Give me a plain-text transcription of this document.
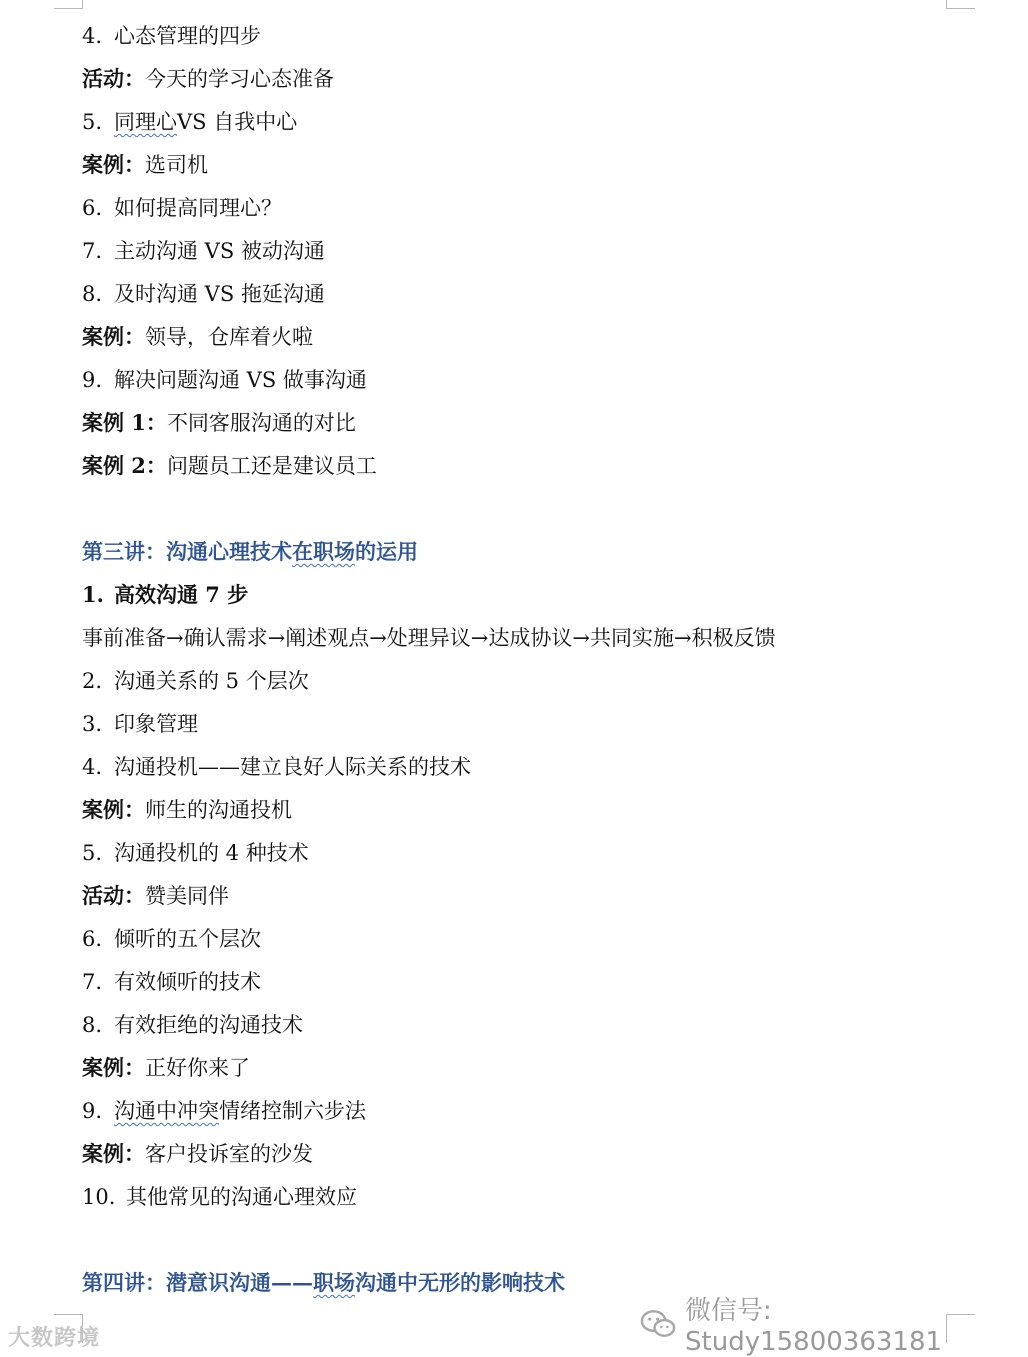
4. 心态管理的四步
活动：今天的学习心态准备
5. 同理心VS 自我中心
案例：选司机
6. 如何提高同理心？
7. 主动沟通 VS 被动沟通
8. 及时沟通 VS 拖延沟通
案例：领导，仓库着火啦
9. 解决问题沟通 VS 做事沟通
案例 1：不同客服沟通的对比
案例 2：问题员工还是建议员工
第三讲：沟通心理技术在职场的运用
1. 高效沟通 7 步
事前准备→确认需求→阐述观点→处理异议→达成协议→共同实施→积极反馈
2. 沟通关系的 5 个层次
3. 印象管理
4. 沟通投机——建立良好人际关系的技术
案例：师生的沟通投机
5. 沟通投机的 4 种技术
活动：赞美同伴
6. 倾听的五个层次
7. 有效倾听的技术
8. 有效拒绝的沟通技术
案例：正好你来了
9. 沟通中冲突情绪控制六步法
案例：客户投诉室的沙发
10. 其他常见的沟通心理效应
第四讲：潜意识沟通——职场沟通中无形的影响技术
大数跨境
微信号: Study15800363181
